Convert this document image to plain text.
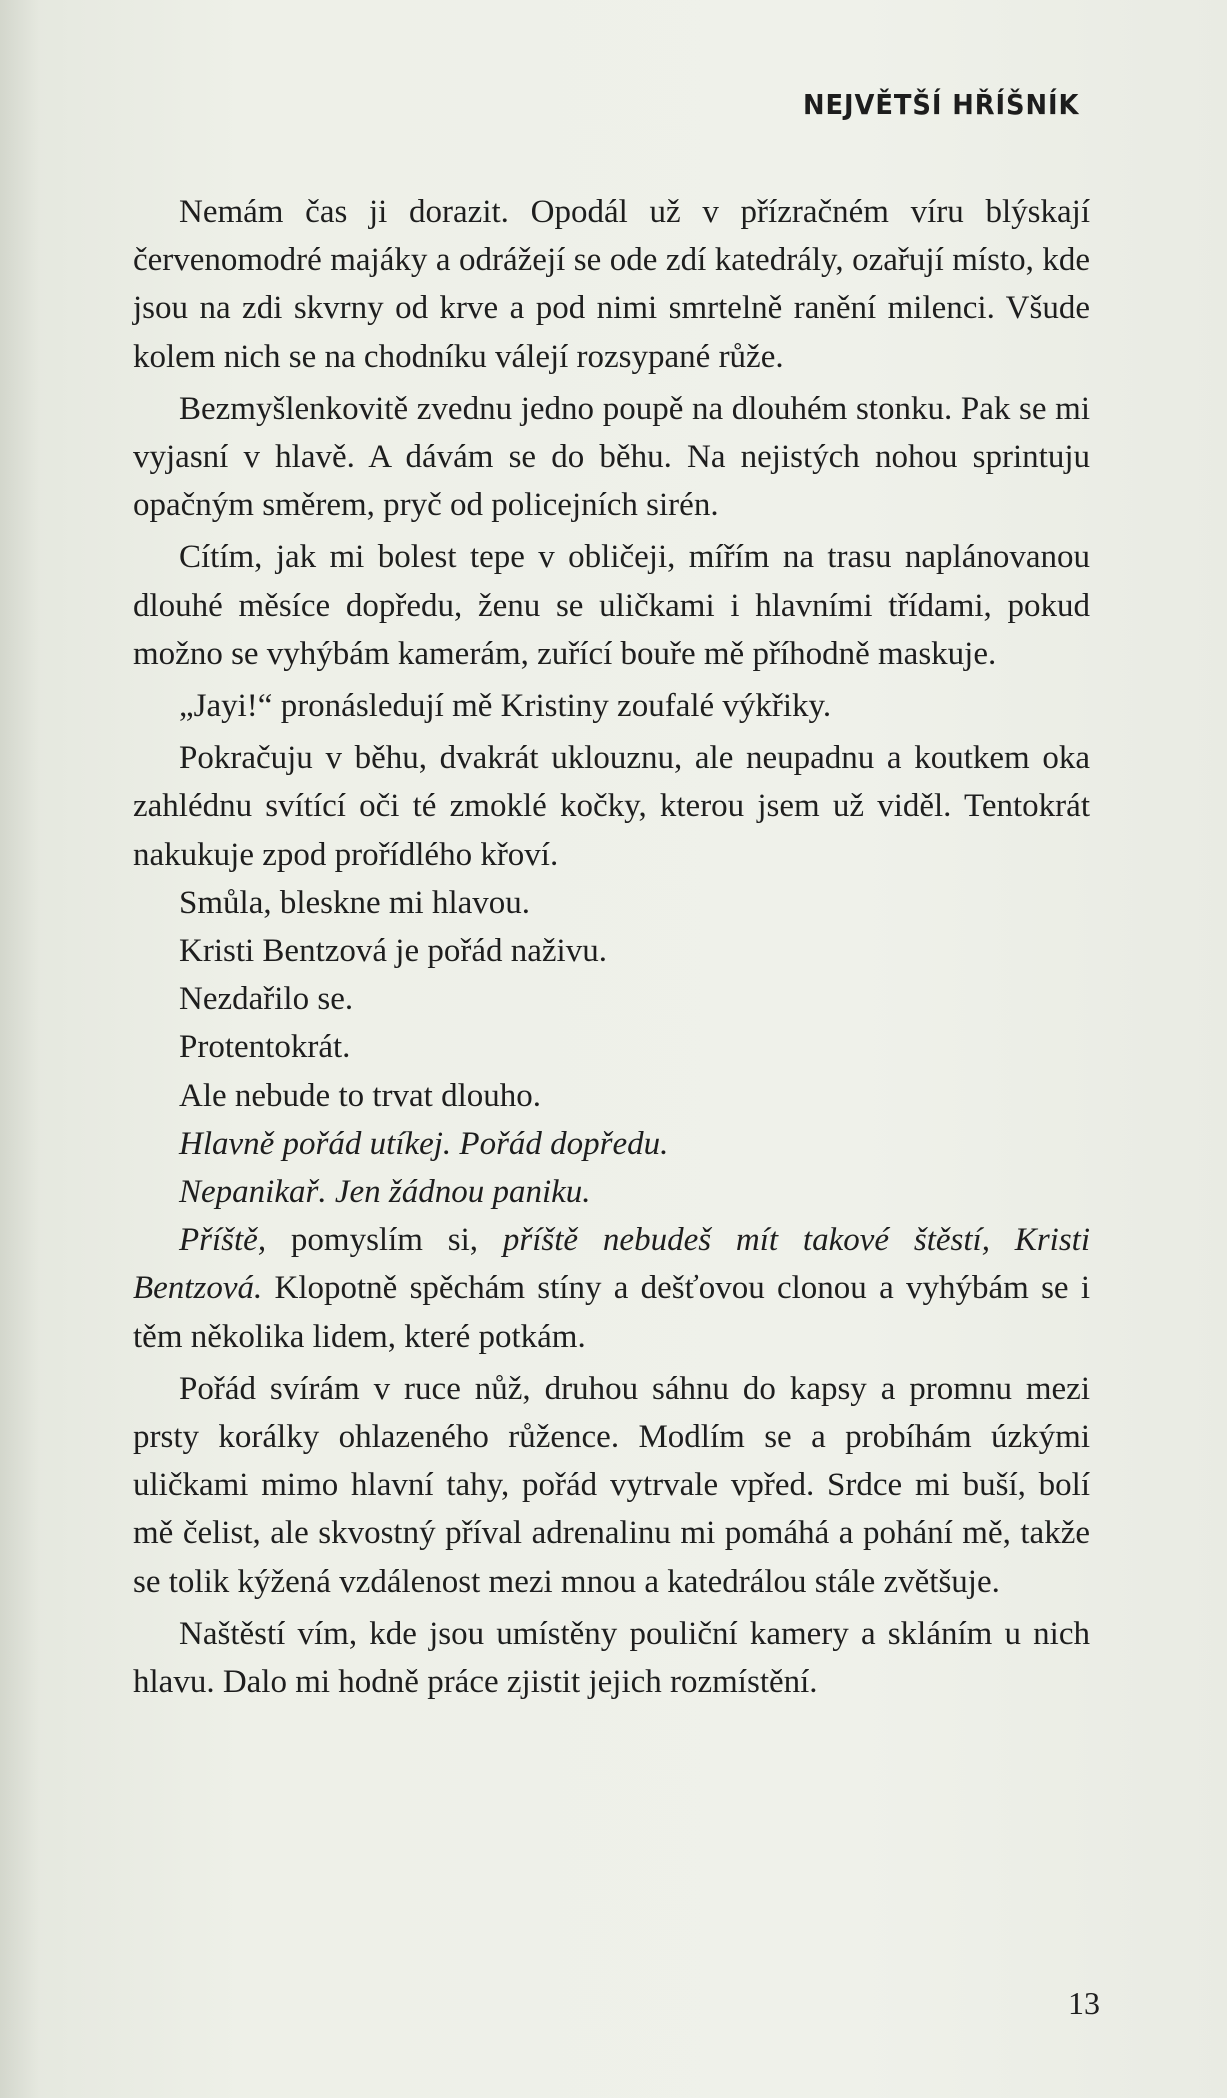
NEJVĚTŠÍ HŘÍŠNÍK

Nemám čas ji dorazit. Opodál už v přízračném víru blýskají červenomodré majáky a odrážejí se ode zdí katedrály, ozařují místo, kde jsou na zdi skvrny od krve a pod nimi smrtelně ranění milenci. Všude kolem nich se na chodníku válejí rozsypané růže.

Bezmyšlenkovitě zvednu jedno poupě na dlouhém stonku. Pak se mi vyjasní v hlavě. A dávám se do běhu. Na nejistých nohou sprintuju opačným směrem, pryč od policejních sirén.

Cítím, jak mi bolest tepe v obličeji, mířím na trasu naplánovanou dlouhé měsíce dopředu, ženu se uličkami i hlavními třídami, pokud možno se vyhýbám kamerám, zuřící bouře mě příhodně maskuje.

„Jayi!“ pronásledují mě Kristiny zoufalé výkřiky.

Pokračuju v běhu, dvakrát uklouznu, ale neupadnu a koutkem oka zahlédnu svítící oči té zmoklé kočky, kterou jsem už viděl. Tentokrát nakukuje zpod prořídlého křoví.

Smůla, bleskne mi hlavou.

Kristi Bentzová je pořád naživu.

Nezdařilo se.

Protentokrát.

Ale nebude to trvat dlouho.

Hlavně pořád utíkej. Pořád dopředu.

Nepanikař. Jen žádnou paniku.

Příště, pomyslím si, příště nebudeš mít takové štěstí, Kristi Bentzová. Klopotně spěchám stíny a dešťovou clonou a vyhýbám se i těm několika lidem, které potkám.

Pořád svírám v ruce nůž, druhou sáhnu do kapsy a promnu mezi prsty korálky ohlazeného růžence. Modlím se a probíhám úzkými uličkami mimo hlavní tahy, pořád vytrvale vpřed. Srdce mi buší, bolí mě čelist, ale skvostný příval adrenalinu mi pomáhá a pohání mě, takže se tolik kýžená vzdálenost mezi mnou a katedrálou stále zvětšuje.

Naštěstí vím, kde jsou umístěny pouliční kamery a skláním u nich hlavu. Dalo mi hodně práce zjistit jejich rozmístění.

13
